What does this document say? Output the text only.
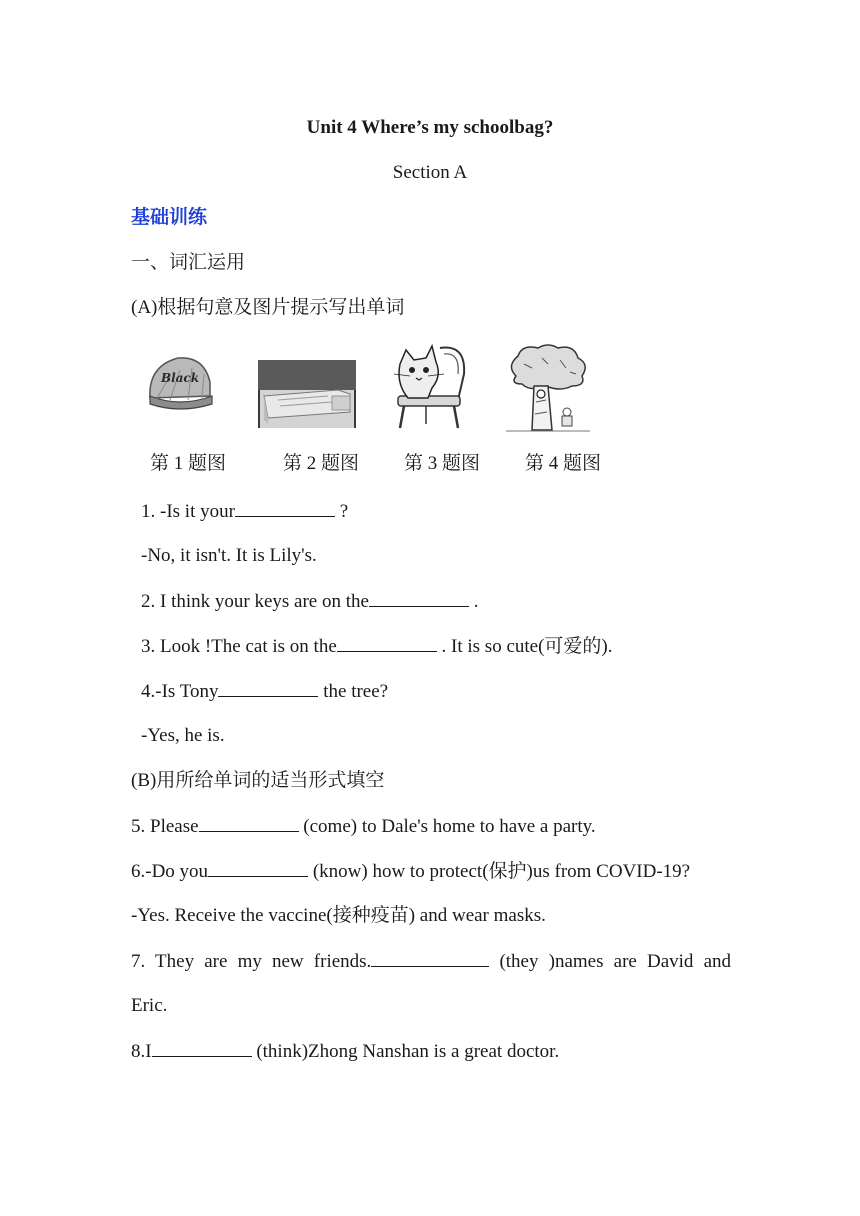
Unit 4 Where’s my schoolbag?
Section A
基础训练
一、词汇运用
(A)根据句意及图片提示写出单词
Black
第 1 题图	第 2 题图 第 3 题图 第 4 题图
1. -Is it your	?
-No, it isn't. It is Lily's.
2. I think your keys are on the	.
3. Look !The cat is on the	. It is so cute(可爱的).
4.-Is Tony	the tree?
-Yes, he is.
(B)用所给单词的适当形式填空
5. Please	(come) to Dale's home to have a party.
6.-Do you	(know) how to protect(保护)us from COVID-19?
-Yes. Receive the vaccine(接种疫苗) and wear masks.
7. They are my new friends.	(they )names are David and
Eric.
8.I	(think)Zhong Nanshan is a great doctor.
